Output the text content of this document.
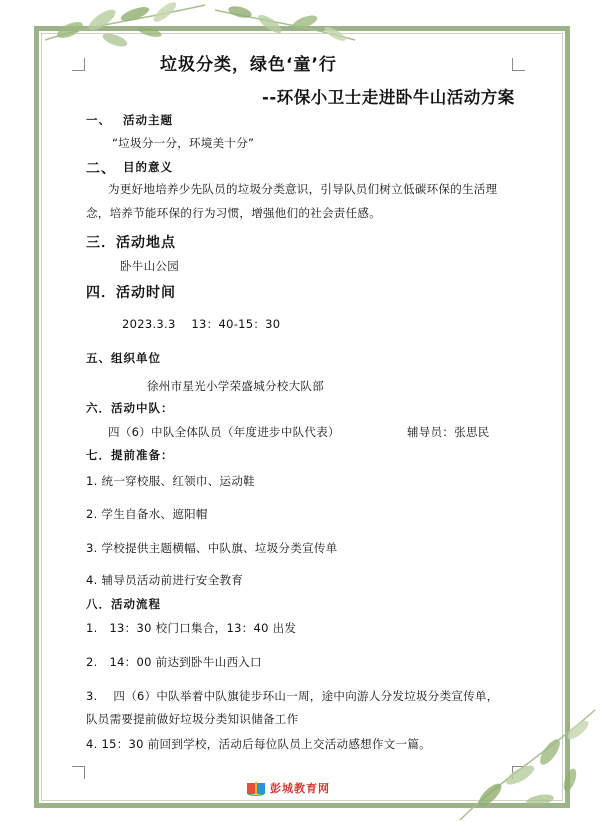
垃圾分类，绿色‘童’行
--环保小卫士走进卧牛山活动方案
一、 活动主题
“垃圾分一分，环境美十分”
二、 目的意义
为更好地培养少先队员的垃圾分类意识，引导队员们树立低碳环保的生活理
念，培养节能环保的行为习惯，增强他们的社会责任感。
三．活动地点
卧牛山公园
四．活动时间
2023.3.3    13：40-15：30
五、组织单位
徐州市星光小学荣盛城分校大队部
六．活动中队：
四（6）中队全体队员（年度进步中队代表）	辅导员：张思民
七．提前准备：
1. 统一穿校服、红领巾、运动鞋
2. 学生自备水、遮阳帽
3. 学校提供主题横幅、中队旗、垃圾分类宣传单
4. 辅导员活动前进行安全教育
八．活动流程
1.   13：30 校门口集合，13：40 出发
2.   14：00 前达到卧牛山西入口
3.    四（6）中队举着中队旗徒步环山一周，途中向游人分发垃圾分类宣传单，
队员需要提前做好垃圾分类知识储备工作
4. 15：30 前回到学校，活动后每位队员上交活动感想作文一篇。
彭城教育网
